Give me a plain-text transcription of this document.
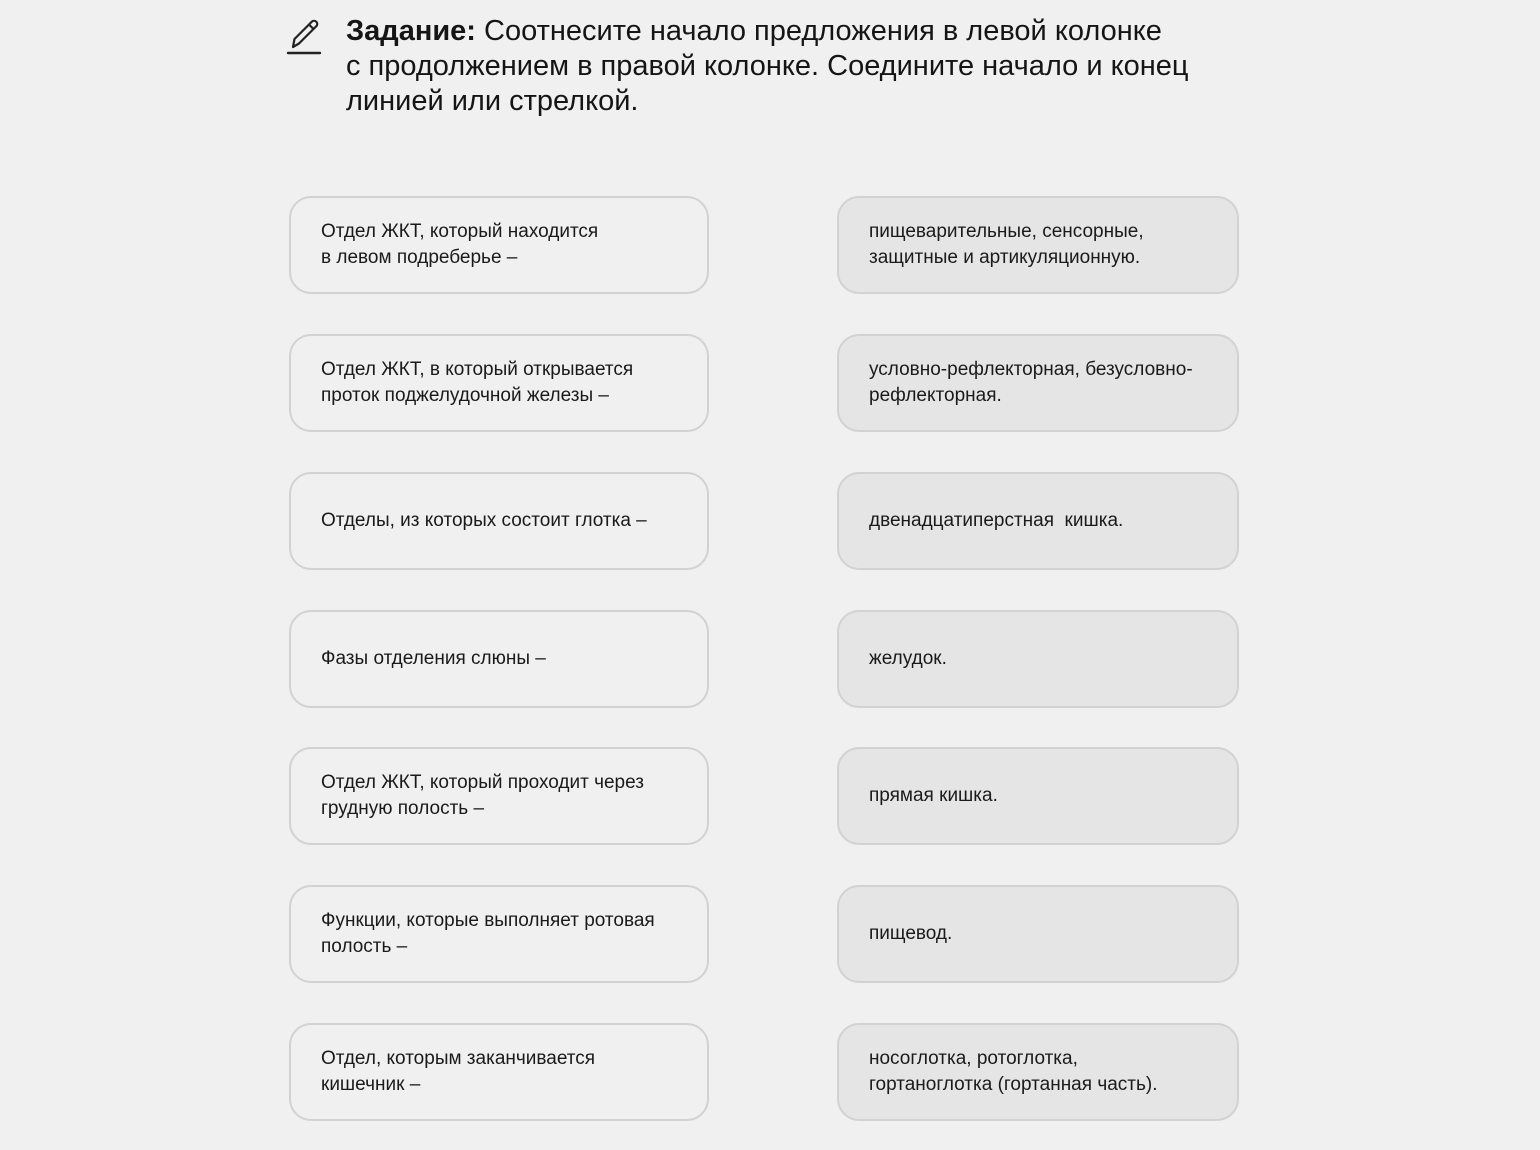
Задание: Соотнесите начало предложения в левой колонке
с продолжением в правой колонке. Соедините начало и конец
линией или стрелкой.

Отдел ЖКТ, который находится
в левом подреберье –
Отдел ЖКТ, в который открывается
проток поджелудочной железы –
Отделы, из которых состоит глотка –
Фазы отделения слюны –
Отдел ЖКТ, который проходит через
грудную полость –
Функции, которые выполняет ротовая
полость –
Отдел, которым заканчивается
кишечник –
пищеварительные, сенсорные,
защитные и артикуляционную.
условно-рефлекторная, безусловно-
рефлекторная.
двенадцатиперстная  кишка.
желудок.
прямая кишка.
пищевод.
носоглотка, ротоглотка,
гортаноглотка (гортанная часть).
